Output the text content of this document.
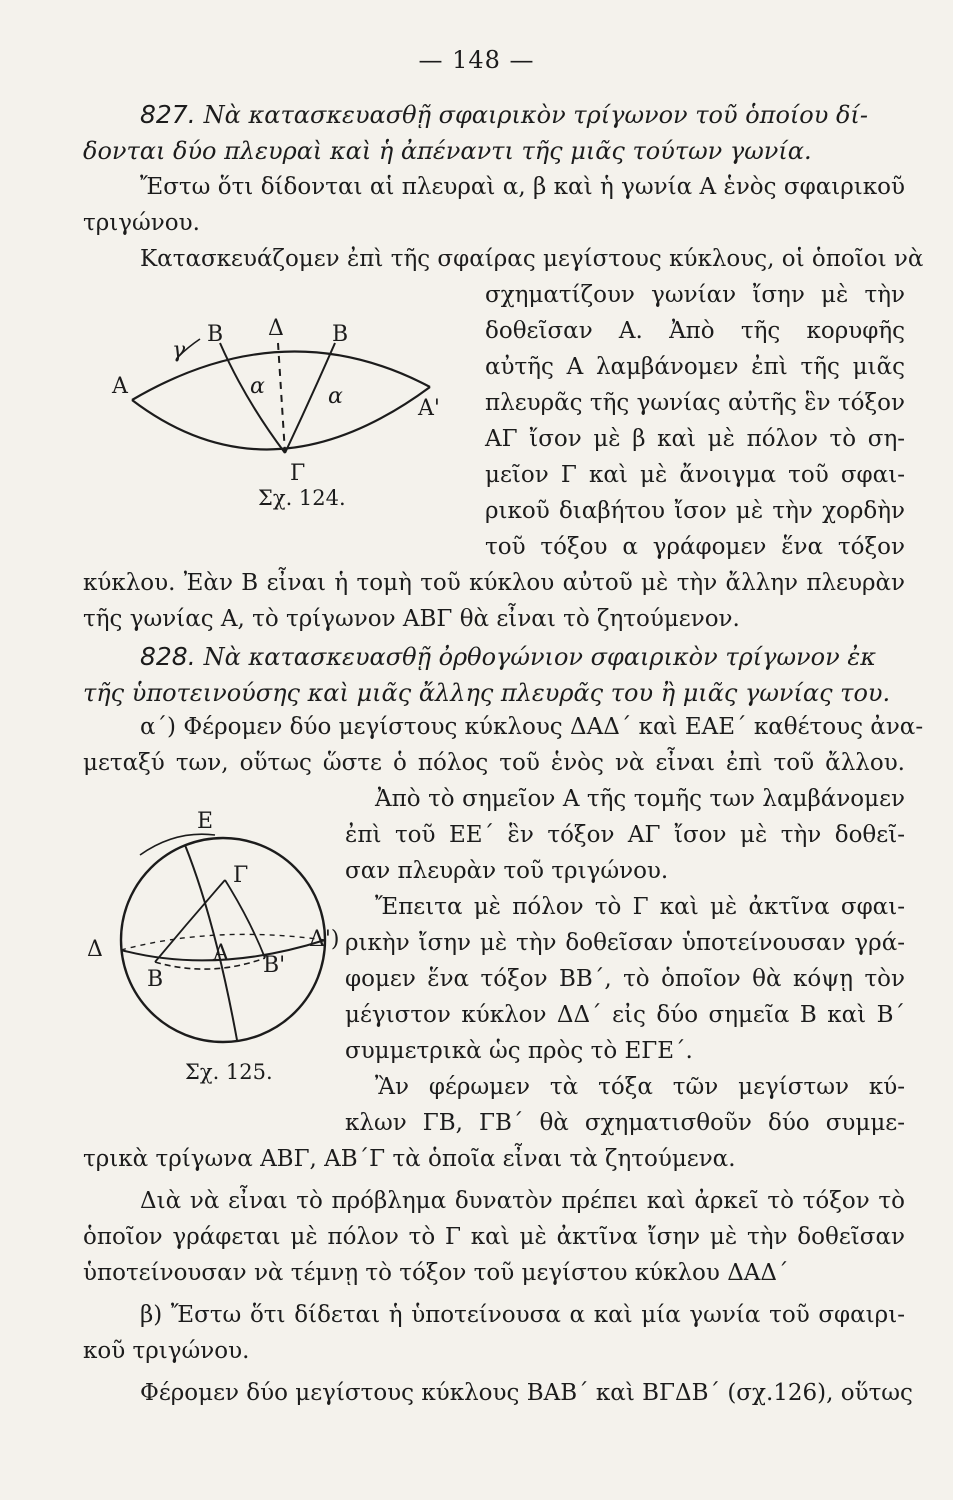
— 148 —
827. Νὰ κατασκευασθῇ σφαιρικὸν τρίγωνον τοῦ ὁποίου δί-
δονται δύο πλευραὶ καὶ ἡ ἀπέναντι τῆς μιᾶς τούτων γωνία.
Ἔστω ὅτι δίδονται αἱ πλευραὶ α, β καὶ ἡ γωνία Α ἑνὸς σφαιρικοῦ
τριγώνου.
Κατασκευάζομεν ἐπὶ τῆς σφαίρας μεγίστους κύκλους, οἱ ὁποῖοι νὰ
σχηματίζουν γωνίαν ἴσην μὲ τὴν
δοθεῖσαν Α. Ἀπὸ τῆς κορυφῆς
αὐτῆς Α λαμβάνομεν ἐπὶ τῆς μιᾶς
πλευρᾶς τῆς γωνίας αὐτῆς ἓν τόξον
ΑΓ ἴσον μὲ β καὶ μὲ πόλον τὸ ση-
μεῖον Γ καὶ μὲ ἄνοιγμα τοῦ σφαι-
ρικοῦ διαβήτου ἴσον μὲ τὴν χορδὴν
τοῦ τόξου α γράφομεν ἕνα τόξον
κύκλου. Ἐὰν Β εἶναι ἡ τομὴ τοῦ κύκλου αὐτοῦ μὲ τὴν ἄλλην πλευρὰν
τῆς γωνίας Α, τὸ τρίγωνον ΑΒΓ θὰ εἶναι τὸ ζητούμενον.
A
γ
B Δ B
α	α	A'
Γ
Σχ. 124.
828. Νὰ κατασκευασθῇ ὀρθογώνιον σφαιρικὸν τρίγωνον ἐκ
τῆς ὑποτεινούσης καὶ μιᾶς ἄλλης πλευρᾶς του ἢ μιᾶς γωνίας του.
α΄) Φέρομεν δύο μεγίστους κύκλους ΔΑΔ΄ καὶ ΕΑΕ΄ καθέτους ἀνα-
μεταξύ των, οὕτως ὥστε ὁ πόλος τοῦ ἑνὸς νὰ εἶναι ἐπὶ τοῦ ἄλλου.
Ἀπὸ τὸ σημεῖον Α τῆς τομῆς των λαμβάνομεν
ἐπὶ τοῦ ΕΕ΄ ἓν τόξον ΑΓ ἴσον μὲ τὴν δοθεῖ-
σαν πλευρὰν τοῦ τριγώνου.
Ἔπειτα μὲ πόλον τὸ Γ καὶ μὲ ἀκτῖνα σφαι-
ρικὴν ἴσην μὲ τὴν δοθεῖσαν ὑποτείνουσαν γρά-
φομεν ἕνα τόξον ΒΒ΄, τὸ ὁποῖον θὰ κόψῃ τὸν
μέγιστον κύκλον ΔΔ΄ εἰς δύο σημεῖα Β καὶ Β΄
συμμετρικὰ ὡς πρὸς τὸ ΕΓΕ΄.
Ἂν φέρωμεν τὰ τόξα τῶν μεγίστων κύ-
κλων ΓΒ, ΓΒ΄ θὰ σχηματισθοῦν δύο συμμε-
τρικὰ τρίγωνα ΑΒΓ, ΑΒ΄Γ τὰ ὁποῖα εἶναι τὰ ζητούμενα.
Διὰ νὰ εἶναι τὸ πρόβλημα δυνατὸν πρέπει καὶ ἀρκεῖ τὸ τόξον τὸ
ὁποῖον γράφεται μὲ πόλον τὸ Γ καὶ μὲ ἀκτῖνα ἴσην μὲ τὴν δοθεῖσαν
ὑποτείνουσαν νὰ τέμνῃ τὸ τόξον τοῦ μεγίστου κύκλου ΔΑΔ΄
β) Ἔστω ὅτι δίδεται ἡ ὑποτείνουσα α καὶ μία γωνία τοῦ σφαιρι-
κοῦ τριγώνου.
Φέρομεν δύο μεγίστους κύκλους ΒΑΒ΄ καὶ ΒΓΔΒ΄ (σχ.126), οὕτως
E
Γ
Δ	Δ')
A
B
B'
Σχ. 125.
